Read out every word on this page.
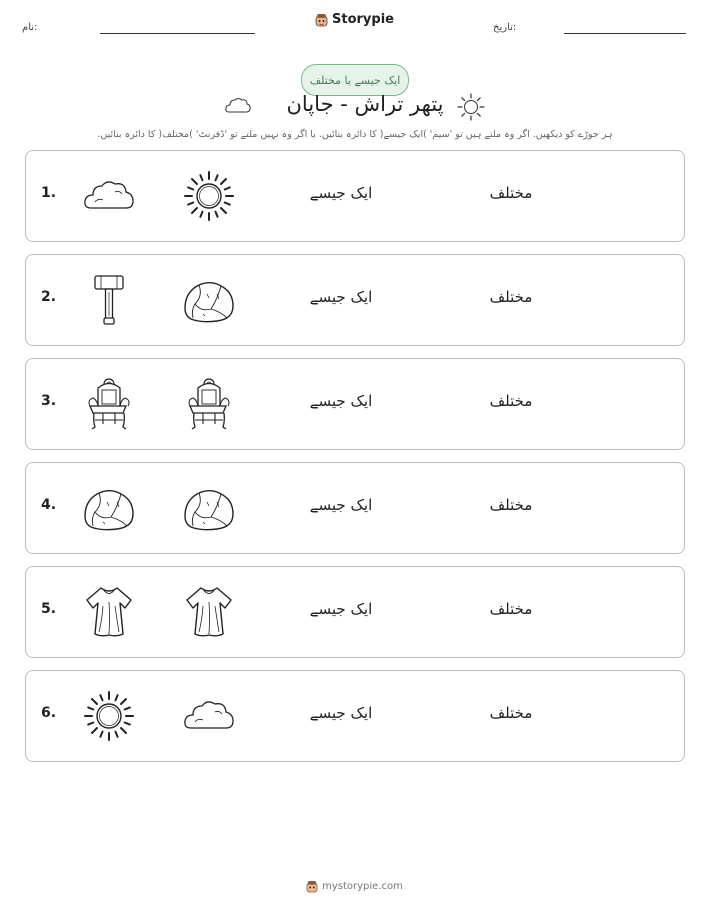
نام:
Storypie
تاریخ:
ایک جیسے یا مختلف
پتھر تراش - جاپان
ہر جوڑے کو دیکھیں. اگر وہ ملتے ہیں تو 'سیم' )ایک جیسے( کا دائرہ بنائیں. یا اگر وہ نہیں ملتے تو 'ڈفرنٹ' )مختلف( کا دائرہ بنائیں.
1.	ایک جیسے	مختلف
2.	ایک جیسے	مختلف
3.	ایک جیسے	مختلف
4.	ایک جیسے	مختلف
5.	ایک جیسے	مختلف
6.	ایک جیسے	مختلف
mystorypie.com
